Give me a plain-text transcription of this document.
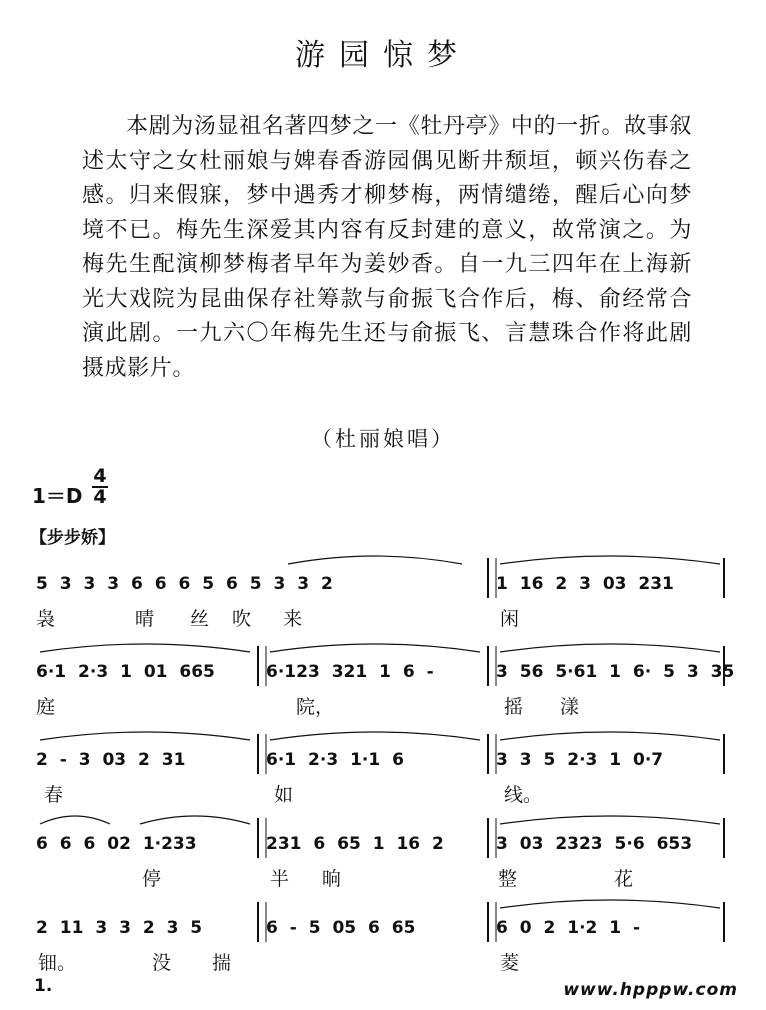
游园惊梦

本剧为汤显祖名著四梦之一《牡丹亭》中的一折。故事叙述太守之女杜丽娘与婢春香游园偶见断井颓垣，顿兴伤春之感。归来假寐，梦中遇秀才柳梦梅，两情缱绻，醒后心向梦境不已。梅先生深爱其内容有反封建的意义，故常演之。为梅先生配演柳梦梅者早年为姜妙香。自一九三四年在上海新光大戏院为昆曲保存社筹款与俞振飞合作后，梅、俞经常合演此剧。一九六〇年梅先生还与俞振飞、言慧珠合作将此剧摄成影片。

（杜丽娘唱）
1＝D
4
4
【步步娇】
5 3 3 3 6 6 6 5 6 5 3 3 2
袅	晴 丝 吹 来
1 16 2 3 03 231
闲
6·1 2·3 1 01 665
庭
6·123 321 1 6 -
院，
3 56 5·61 1 6· 5 3 35
摇 漾
2 - 3 03 2 31
春
6·1 2·3 1·1 6
如
3 3 5 2·3 1 0·7
线。
6 6 6 02 1·233
停
231 6 65 1 16 2
半 晌
3 03 2323 5·6 653
整	花
2 11 3 3 2 3 5
钿。	没 揣
6 - 5 05 6 65	6 0 2 1·2 1 -
菱
1.	www.hpppw.com
